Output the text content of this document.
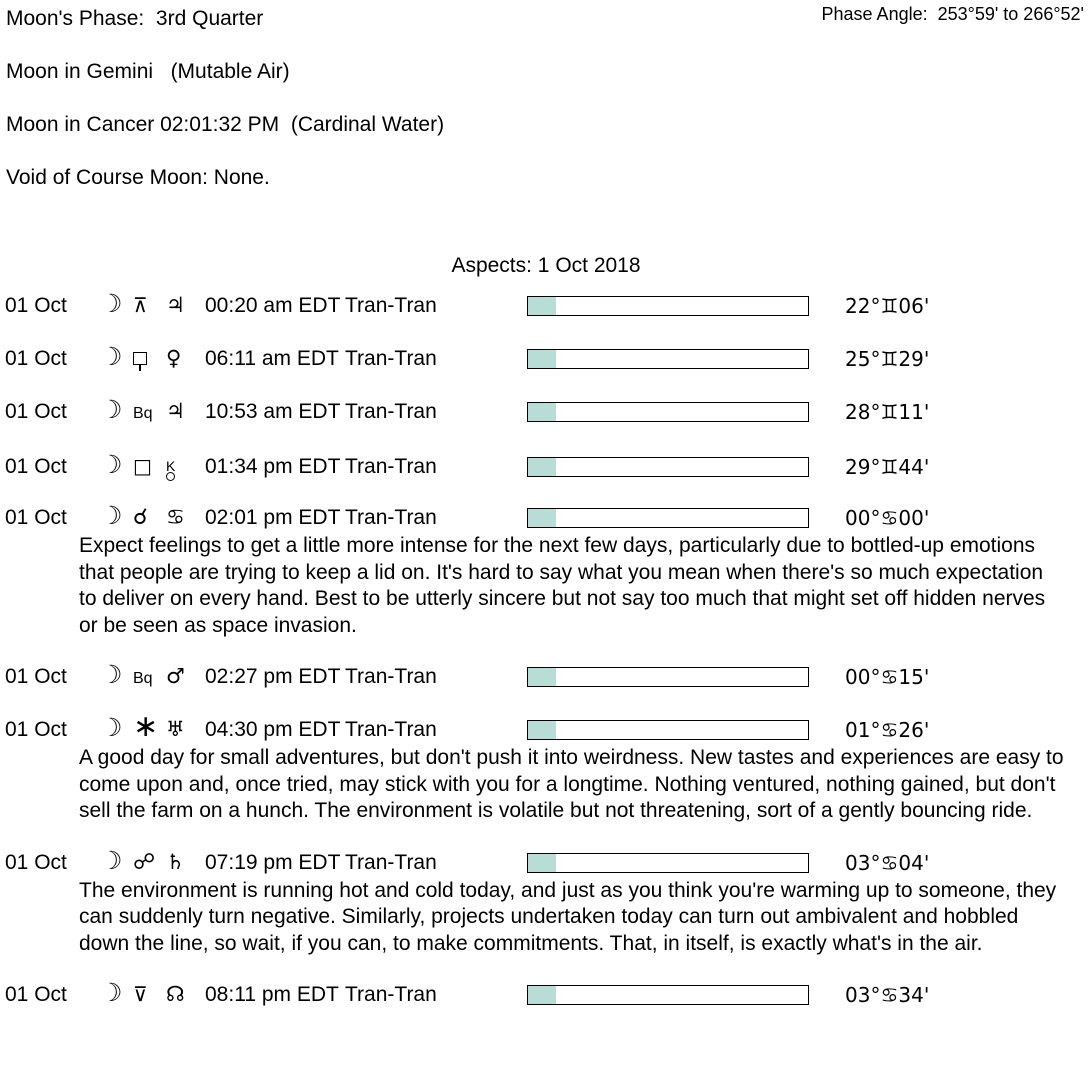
Moon's Phase:  3rd Quarter	Phase Angle:  253°59' to 266°52'
Moon in Gemini   (Mutable Air)
Moon in Cancer 02:01:32 PM  (Cardinal Water)
Void of Course Moon: None.
Aspects: 1 Oct 2018
01 Oct	☽ ⊼ ♃ 00:20 am EDT Tran-Tran	22°♊06'
01 Oct	☽	♀	06:11 am EDT Tran-Tran	25°♊29'
01 Oct	☽ Bq ♃ 10:53 am EDT Tran-Tran	28°♊11'
01 Oct	☽ □	K 01:34 pm EDT Tran-Tran	29°♊44'
01 Oct	☽ ☌ ♋ 02:01 pm EDT Tran-Tran	00°♋00'
Expect feelings to get a little more intense for the next few days, particularly due to bottled-up emotions that people are trying to keep a lid on. It's hard to say what you mean when there's so much expectation to deliver on every hand. Best to be utterly sincere but not say too much that might set off hidden nerves or be seen as space invasion.
01 Oct	☽ Bq ♂ 02:27 pm EDT Tran-Tran	00°♋15'
01 Oct	☽ ∗ ♅ 04:30 pm EDT Tran-Tran	01°♋26'
A good day for small adventures, but don't push it into weirdness. New tastes and experiences are easy to come upon and, once tried, may stick with you for a longtime. Nothing ventured, nothing gained, but don't sell the farm on a hunch. The environment is volatile but not threatening, sort of a gently bouncing ride.
01 Oct	☽ ☍ ♄ 07:19 pm EDT Tran-Tran	03°♋04'
The environment is running hot and cold today, and just as you think you're warming up to someone, they can suddenly turn negative. Similarly, projects undertaken today can turn out ambivalent and hobbled down the line, so wait, if you can, to make commitments. That, in itself, is exactly what's in the air.
01 Oct	☽ ⊽ ☊ 08:11 pm EDT Tran-Tran	03°♋34'
